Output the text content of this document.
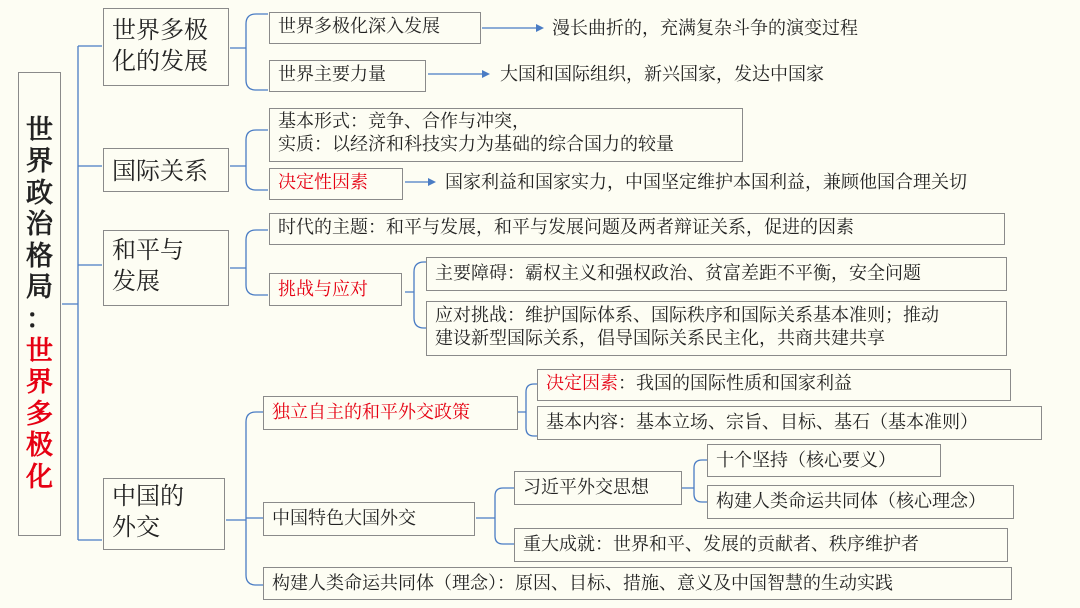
世
界
政
治
格
局
：
世
界
多
极
化
世界多极化的发展
世界多极化深入发展	漫长曲折的，充满复杂斗争的演变过程
世界主要力量	大国和国际组织，新兴国家，发达中国家
国际关系
基本形式：竞争、合作与冲突，
实质：以经济和科技实力为基础的综合国力的较量
决定性因素	国家利益和国家实力，中国坚定维护本国利益，兼顾他国合理关切
和平与
发展
时代的主题：和平与发展，和平与发展问题及两者辩证关系，促进的因素
挑战与应对
主要障碍：霸权主义和强权政治、贫富差距不平衡，安全问题
应对挑战：维护国际体系、国际秩序和国际关系基本准则；推动
建设新型国际关系，倡导国际关系民主化，共商共建共享
中国的
外交
独立自主的和平外交政策
决定因素：我国的国际性质和国家利益
基本内容：基本立场、宗旨、目标、基石（基本准则）
中国特色大国外交
习近平外交思想
十个坚持（核心要义）
构建人类命运共同体（核心理念）
重大成就：世界和平、发展的贡献者、秩序维护者
构建人类命运共同体（理念）：原因、目标、措施、意义及中国智慧的生动实践
